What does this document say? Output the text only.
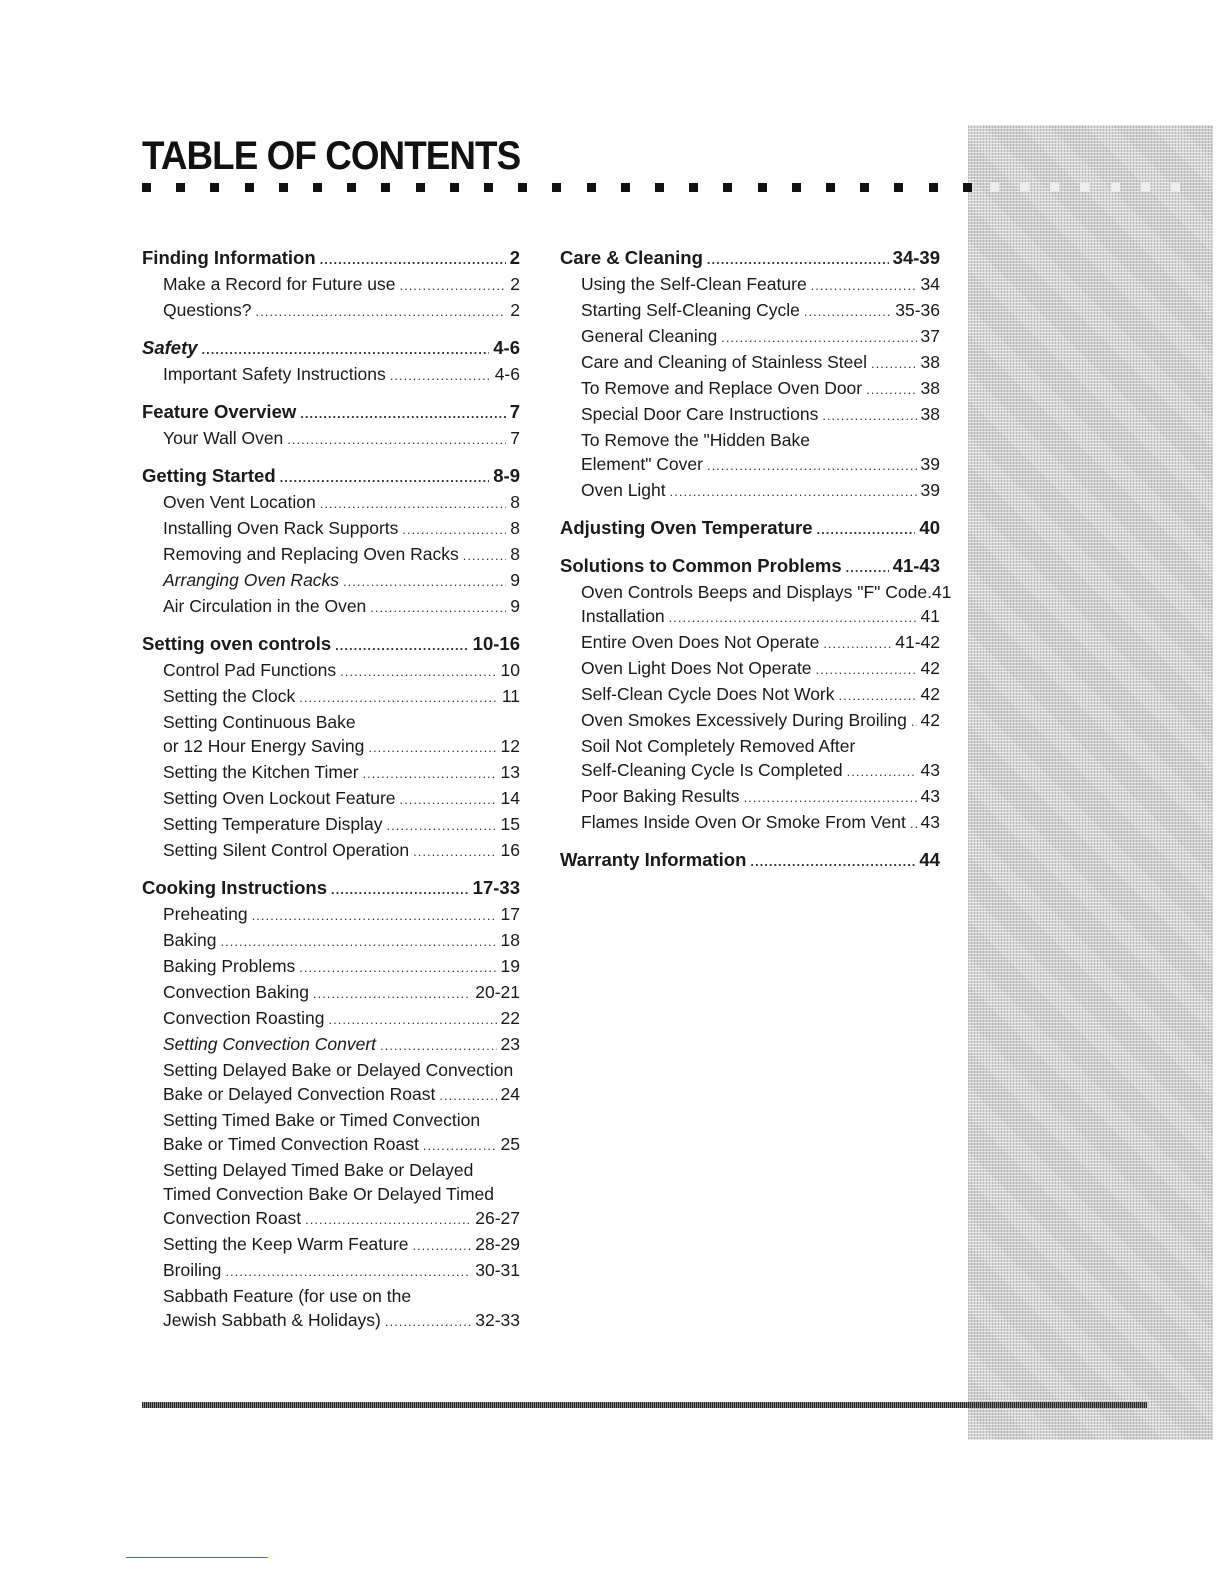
TABLE OF CONTENTS
Finding Information .....	2
Make a Record for Future use .....	2
Questions? .....	2
Safety .....	4-6
Important Safety Instructions .....	4-6
Feature Overview .....	7
Your Wall Oven .....	7
Getting Started .....	8-9
Oven Vent Location .....	8
Installing Oven Rack Supports .....	8
Removing and Replacing Oven Racks .....	8
Arranging Oven Racks .....	9
Air Circulation in the Oven .....	9
Setting oven controls .....	10-16
Control Pad Functions .....	10
Setting the Clock .....	11
Setting Continuous Bake
or 12 Hour Energy Saving .....	12
Setting the Kitchen Timer .....	13
Setting Oven Lockout Feature .....	14
Setting Temperature Display .....	15
Setting Silent Control Operation .....	16
Cooking Instructions .....	17-33
Preheating .....	17
Baking .....	18
Baking Problems .....	19
Convection Baking .....	20-21
Convection Roasting .....	22
Setting Convection Convert .....	23
Setting Delayed Bake or Delayed Convection
Bake or Delayed Convection Roast .....	24
Setting Timed Bake or Timed Convection
Bake or Timed Convection Roast .....	25
Setting Delayed Timed Bake or Delayed
Timed Convection Bake Or Delayed Timed
Convection Roast .....	26-27
Setting the Keep Warm Feature .....	28-29
Broiling .....	30-31
Sabbath Feature (for use on the
Jewish Sabbath & Holidays) .....	32-33
Care & Cleaning .....	34-39
Using the Self-Clean Feature .....	34
Starting Self-Cleaning Cycle .....	35-36
General Cleaning .....	37
Care and Cleaning of Stainless Steel .....	38
To Remove and Replace Oven Door .....	38
Special Door Care Instructions .....	38
To Remove the "Hidden Bake
Element" Cover .....	39
Oven Light .....	39
Adjusting Oven Temperature .....	40
Solutions to Common Problems .....	41-43
Oven Controls Beeps and Displays "F" Code . 41
Installation .....	41
Entire Oven Does Not Operate .....	41-42
Oven Light Does Not Operate .....	42
Self-Clean Cycle Does Not Work .....	42
Oven Smokes Excessively During Broiling ..... 42
Soil Not Completely Removed After
Self-Cleaning Cycle Is Completed .....	43
Poor Baking Results .....	43
Flames Inside Oven Or Smoke From Vent ..... 43
Warranty Information .....	44
